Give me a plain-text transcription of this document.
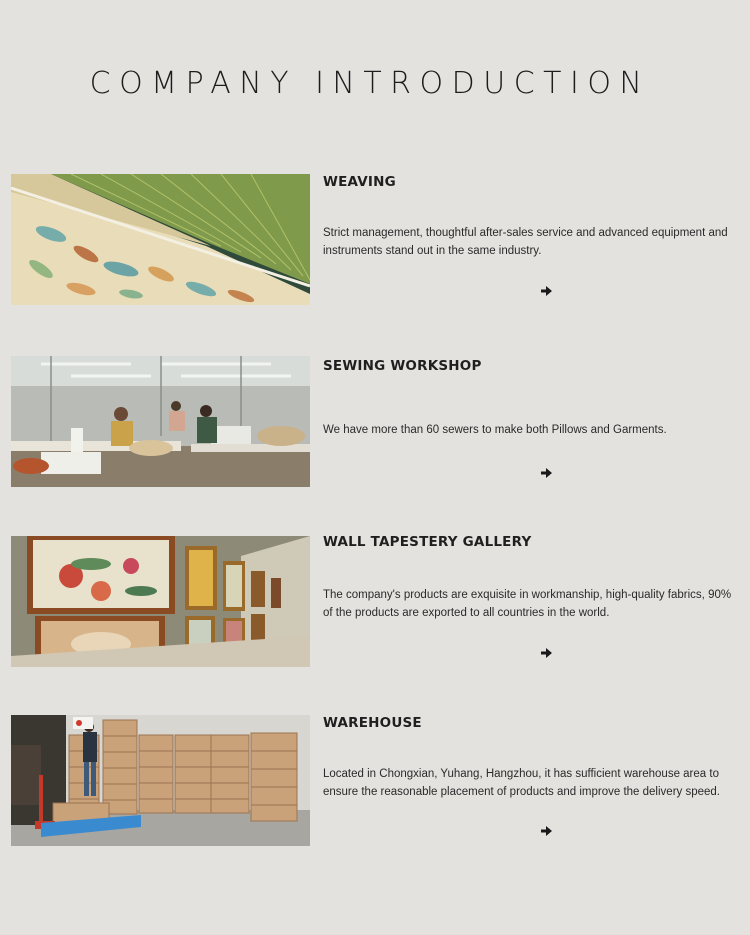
COMPANY INTRODUCTION
WEAVING
Strict management, thoughtful after-sales service and advanced equipment and instruments stand out in the same industry.
SEWING WORKSHOP
We have more than 60 sewers to make both Pillows and Garments.
WALL TAPESTERY GALLERY
The company's products are exquisite in workmanship, high-quality fabrics, 90% of the products are exported to all countries in the world.
WAREHOUSE
Located in Chongxian, Yuhang, Hangzhou, it has sufficient warehouse area to ensure the reasonable placement of products and improve the delivery speed.
